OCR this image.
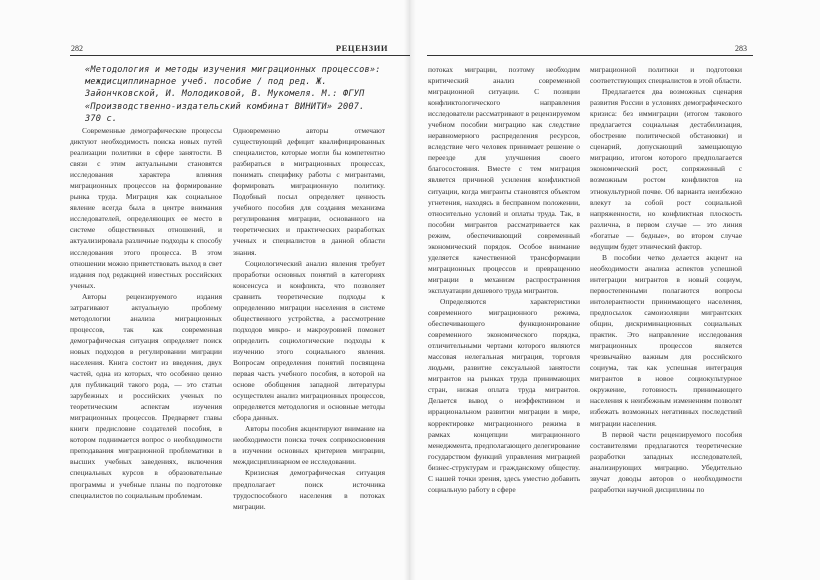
282	РЕЦЕНЗИИ
«Методология и методы изучения миграционных процессов»: междисциплинарное учеб. пособие / под ред. Ж. Зайончковской, И. Молодиковой, В. Мукомеля. М.: ФГУП «Производственно-издательский комбинат ВИНИТИ» 2007. 370 с.

Современные демографические процессы диктуют необходимость поиска новых путей реализации политики в сфере занятости. В связи с этим актуальными становятся исследования характера влияния миграционных процессов на формирование рынка труда. Миграция как социальное явление всегда была в центре внимания исследователей, определяющих ее место в системе общественных отношений, и актуализировала различные подходы к способу исследования этого процесса. В этом отношении можно приветствовать выход в свет издания под редакцией известных российских ученых.

Авторы рецензируемого издания затрагивают актуальную проблему методологии анализа миграционных процессов, так как современная демографическая ситуация определяет поиск новых подходов в регулировании миграции населения. Книга состоит из введения, двух частей, одна из которых, что особенно ценно для публикаций такого рода, — это статьи зарубежных и российских ученых по теоретическим аспектам изучения миграционных процессов. Предваряет главы книги предисловие создателей пособия, в котором поднимается вопрос о необходимости преподавания миграционной проблематики в высших учебных заведениях, включения специальных курсов в образовательные программы и учебные планы по подготовке специалистов по социальным проблемам.

Одновременно авторы отмечают существующий дефицит квалифицированных специалистов, которые могли бы компетентно разбираться в миграционных процессах, понимать специфику работы с мигрантами, формировать миграционную политику. Подобный посыл определяет ценность учебного пособия для создания механизма регулирования миграции, основанного на теоретических и практических разработках ученых и специалистов в данной области знания.

Социологический анализ явления требует проработки основных понятий в категориях консенсуса и конфликта, что позволяет сравнить теоретические подходы к определению миграции населения в системе общественного устройства, а рассмотрение подходов микро- и макроуровней поможет определить социологические подходы к изучению этого социального явления. Вопросам определения понятий посвящена первая часть учебного пособия, в которой на основе обобщения западной литературы осуществлен анализ миграционных процессов, определяется методология и основные методы сбора данных.

Авторы пособия акцентируют внимание на необходимости поиска точек соприкосновения в изучении основных критериев миграции, междисциплинарном ее исследовании.

Кризисная демографическая ситуация предполагает поиск источника трудоспособного населения в потоках миграции.

283

потоках миграции, поэтому необходим критический анализ современной миграционной ситуации. С позиции конфликтологического направления исследователи рассматривают в рецензируемом учебном пособии миграцию как следствие неравномерного распределения ресурсов, вследствие чего человек принимает решение о переезде для улучшения своего благосостояния. Вместе с тем миграция является причиной усиления конфликтной ситуации, когда мигранты становятся объектом угнетения, находясь в бесправном положении, относительно условий и оплаты труда. Так, в пособии мигрантов рассматривается как режим, обеспечивающий современный экономический порядок. Особое внимание уделяется качественной трансформации миграционных процессов и превращению миграции в механизм распространения эксплуатации дешевого труда мигрантов.

Определяются характеристики современного миграционного режима, обеспечивающего функционирование современного экономического порядка, отличительными чертами которого являются массовая нелегальная миграция, торговля людьми, развитие сексуальной занятости мигрантов на рынках труда принимающих стран, низкая оплата труда мигрантов. Делается вывод о неэффективном и иррациональном развитии миграции в мире, корректировке миграционного режима в рамках концепции миграционного менеджмента, предполагающего делегирование государством функций управления миграцией бизнес-структурам и гражданскому обществу. С нашей точки зрения, здесь уместно добавить социальную работу в сфере

миграционной политики и подготовки соответствующих специалистов в этой области.

Предлагается два возможных сценария развития России в условиях демографического кризиса: без иммиграции (итогом такового предлагается социальная дестабилизация, обострение политической обстановки) и сценарий, допускающий замещающую миграцию, итогом которого предполагается экономический рост, сопряженный с возможным ростом конфликтов на этнокультурной почве. Об варианта неизбежно влекут за собой рост социальной напряженности, но конфликтная плоскость различна, в первом случае — это линия «богатые — бедные», во втором случае ведущим будет этнический фактор.

В пособии четко делается акцент на необходимости анализа аспектов успешной интеграции мигрантов в новый социум, первостепенными полагаются вопросы интолерантности принимающего населения, предпосылок самоизоляции мигрантских общин, дискриминационных социальных практик. Это направление исследования миграционных процессов является чрезвычайно важным для российского социума, так как успешная интеграция мигрантов в новое социокультурное окружение, готовность принимающего населения к неизбежным изменениям позволят избежать возможных негативных последствий миграции населения.

В первой части рецензируемого пособия составителями предлагаются теоретические разработки западных исследователей, анализирующих миграцию. Убедительно звучат доводы авторов о необходимости разработки научной дисциплины по
